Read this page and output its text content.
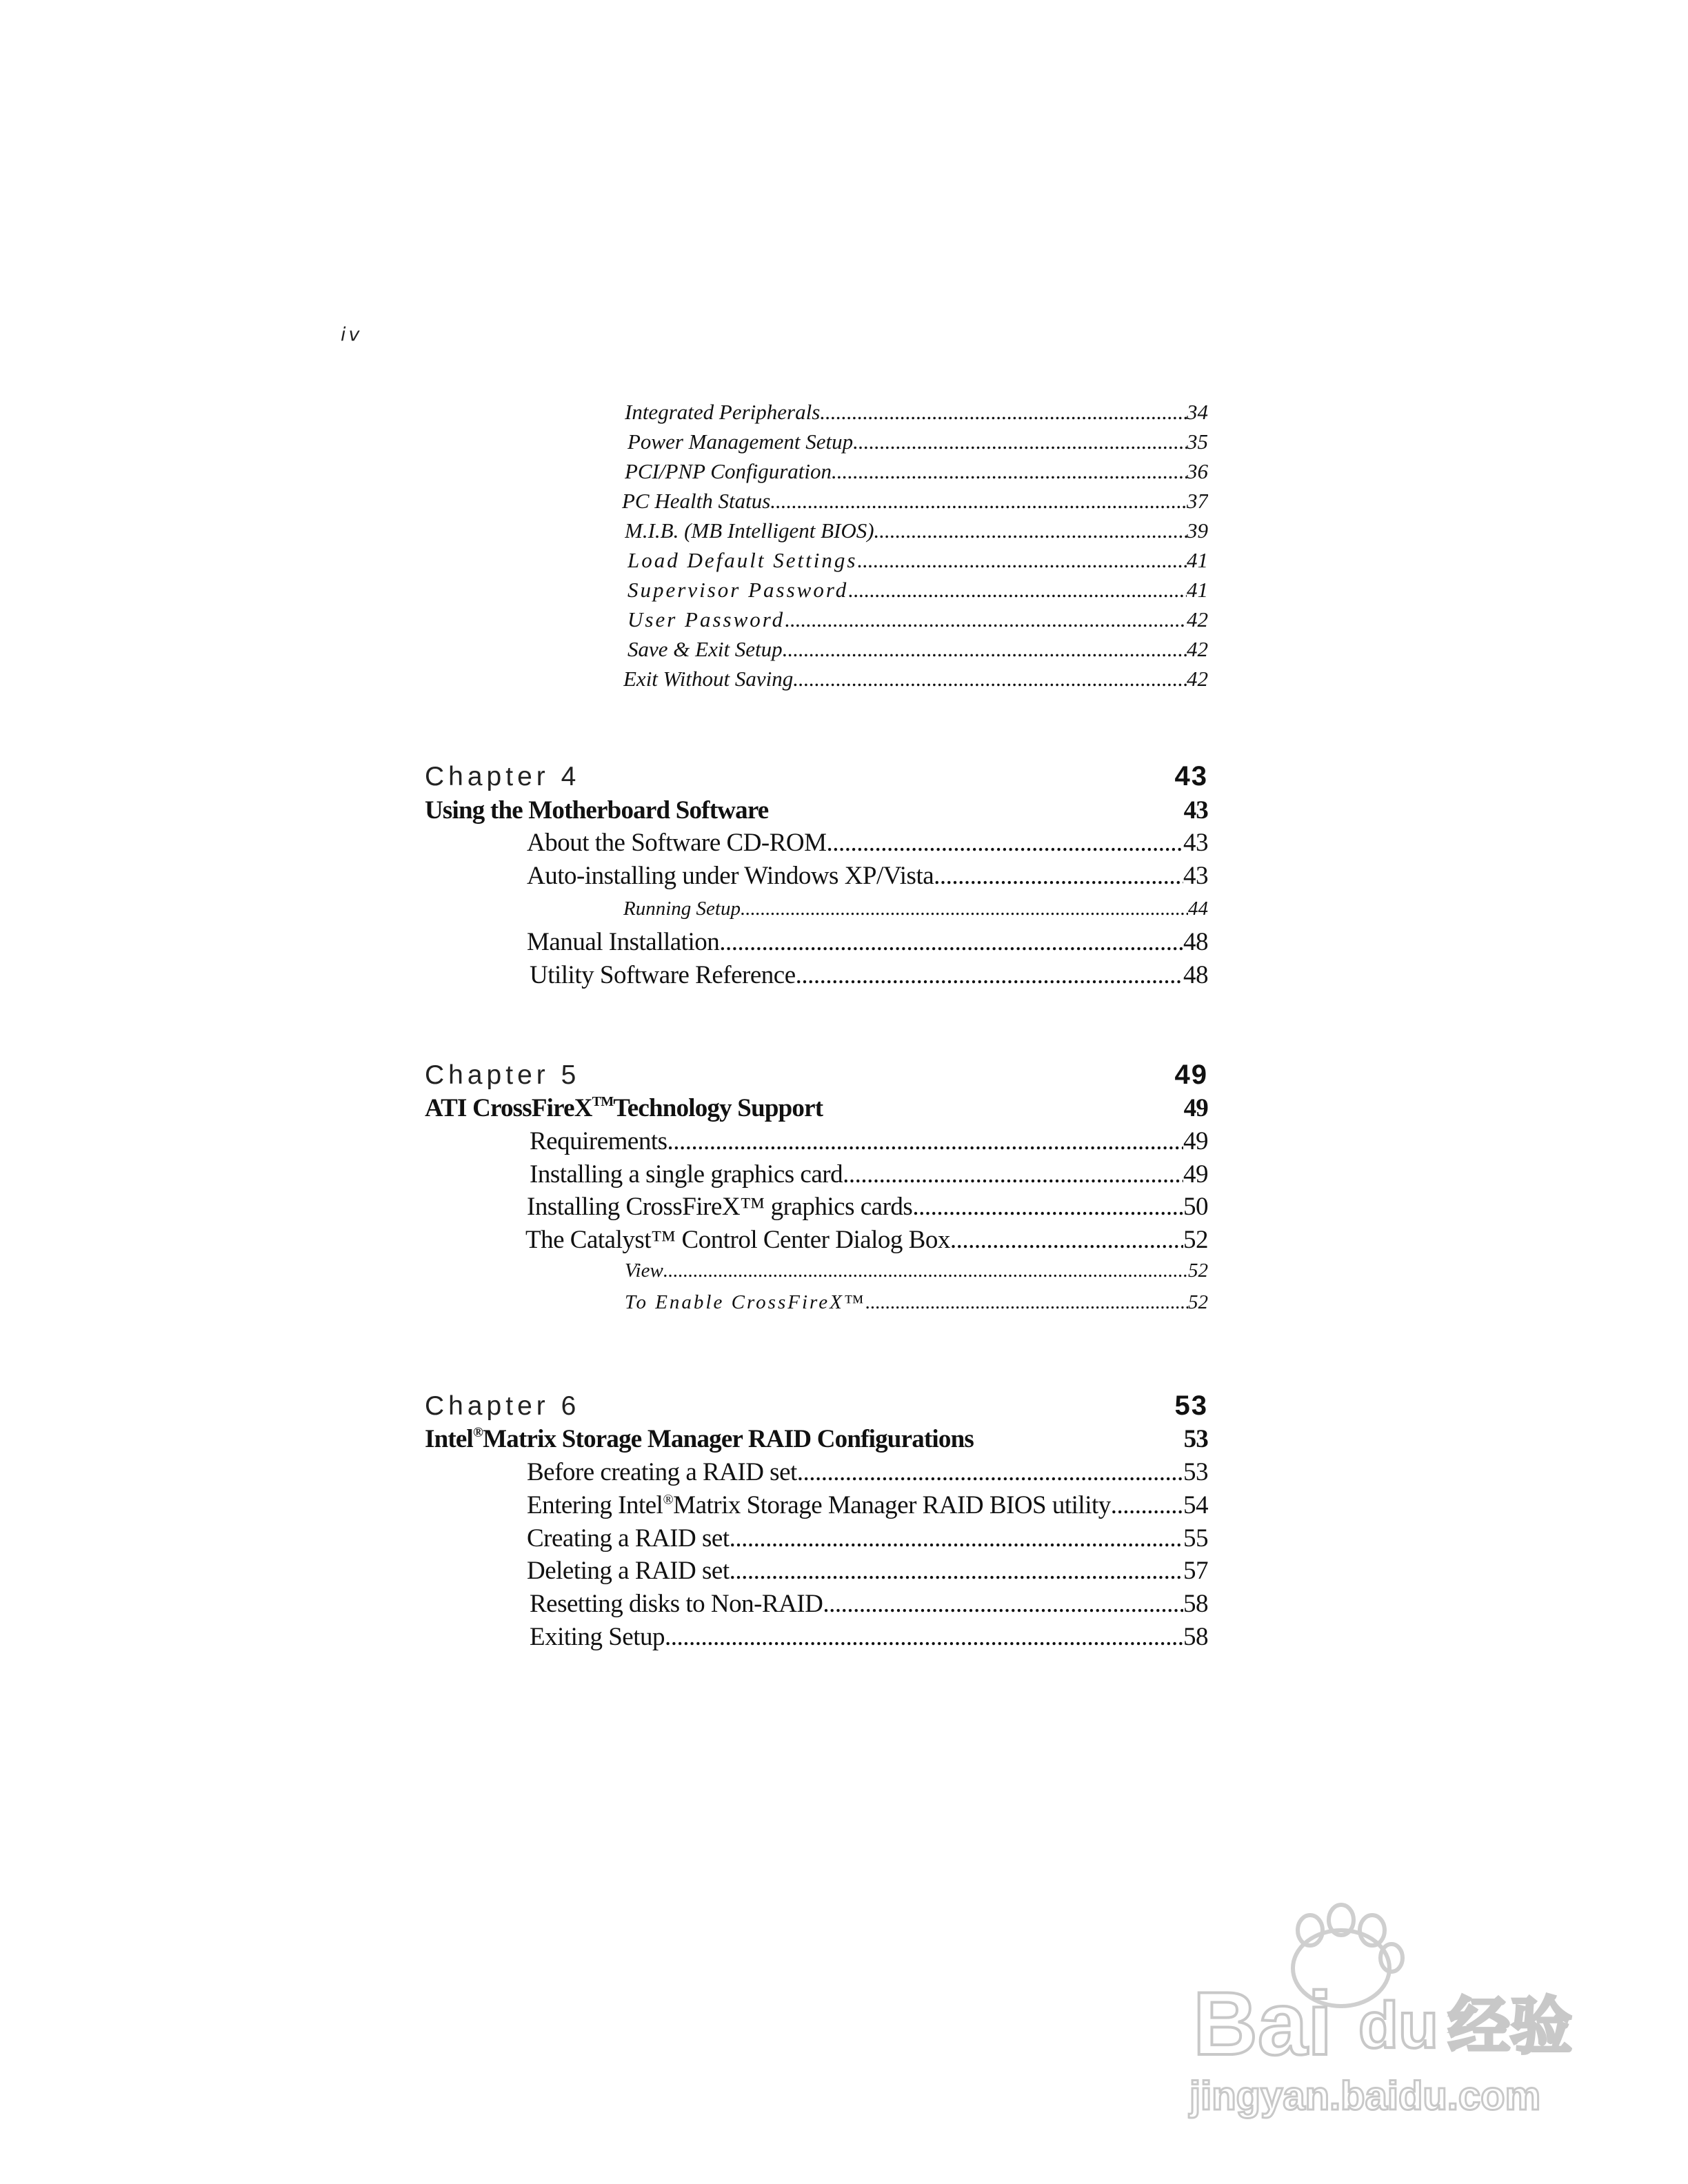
iv
Integrated Peripherals .....	34
Power Management Setup .....	35
PCI/PNP Configuration .....	36
PC Health Status .....	37
M.I.B. (MB Intelligent BIOS) .....	39
Load Default Settings .....	41
Supervisor Password .....	41
User Password .....	42
Save & Exit Setup .....	42
Exit Without Saving .....	42
Chapter 4	43
Using the Motherboard Software	43
About the Software CD-ROM .....	43
Auto-installing under Windows XP/Vista .....	43
Running Setup .....	44
Manual Installation .....	48
Utility Software Reference .....	48
Chapter 5	49
ATI CrossFireX™Technology Support	49
Requirements .....	49
Installing a single graphics card .....	49
Installing CrossFireX™ graphics cards .....	50
The Catalyst™ Control Center Dialog Box .....	52
View .....	52
To Enable CrossFireX™ .....	52
Chapter 6	53
Intel®Matrix Storage Manager RAID Configurations	53
Before creating a RAID set .....	53
Entering Intel®Matrix Storage Manager RAID BIOS utility .....	54
Creating a RAID set .....	55
Deleting a RAID set .....	57
Resetting disks to Non-RAID .....	58
Exiting Setup .....	58
Bai du 经验
jingyan.baidu.com
